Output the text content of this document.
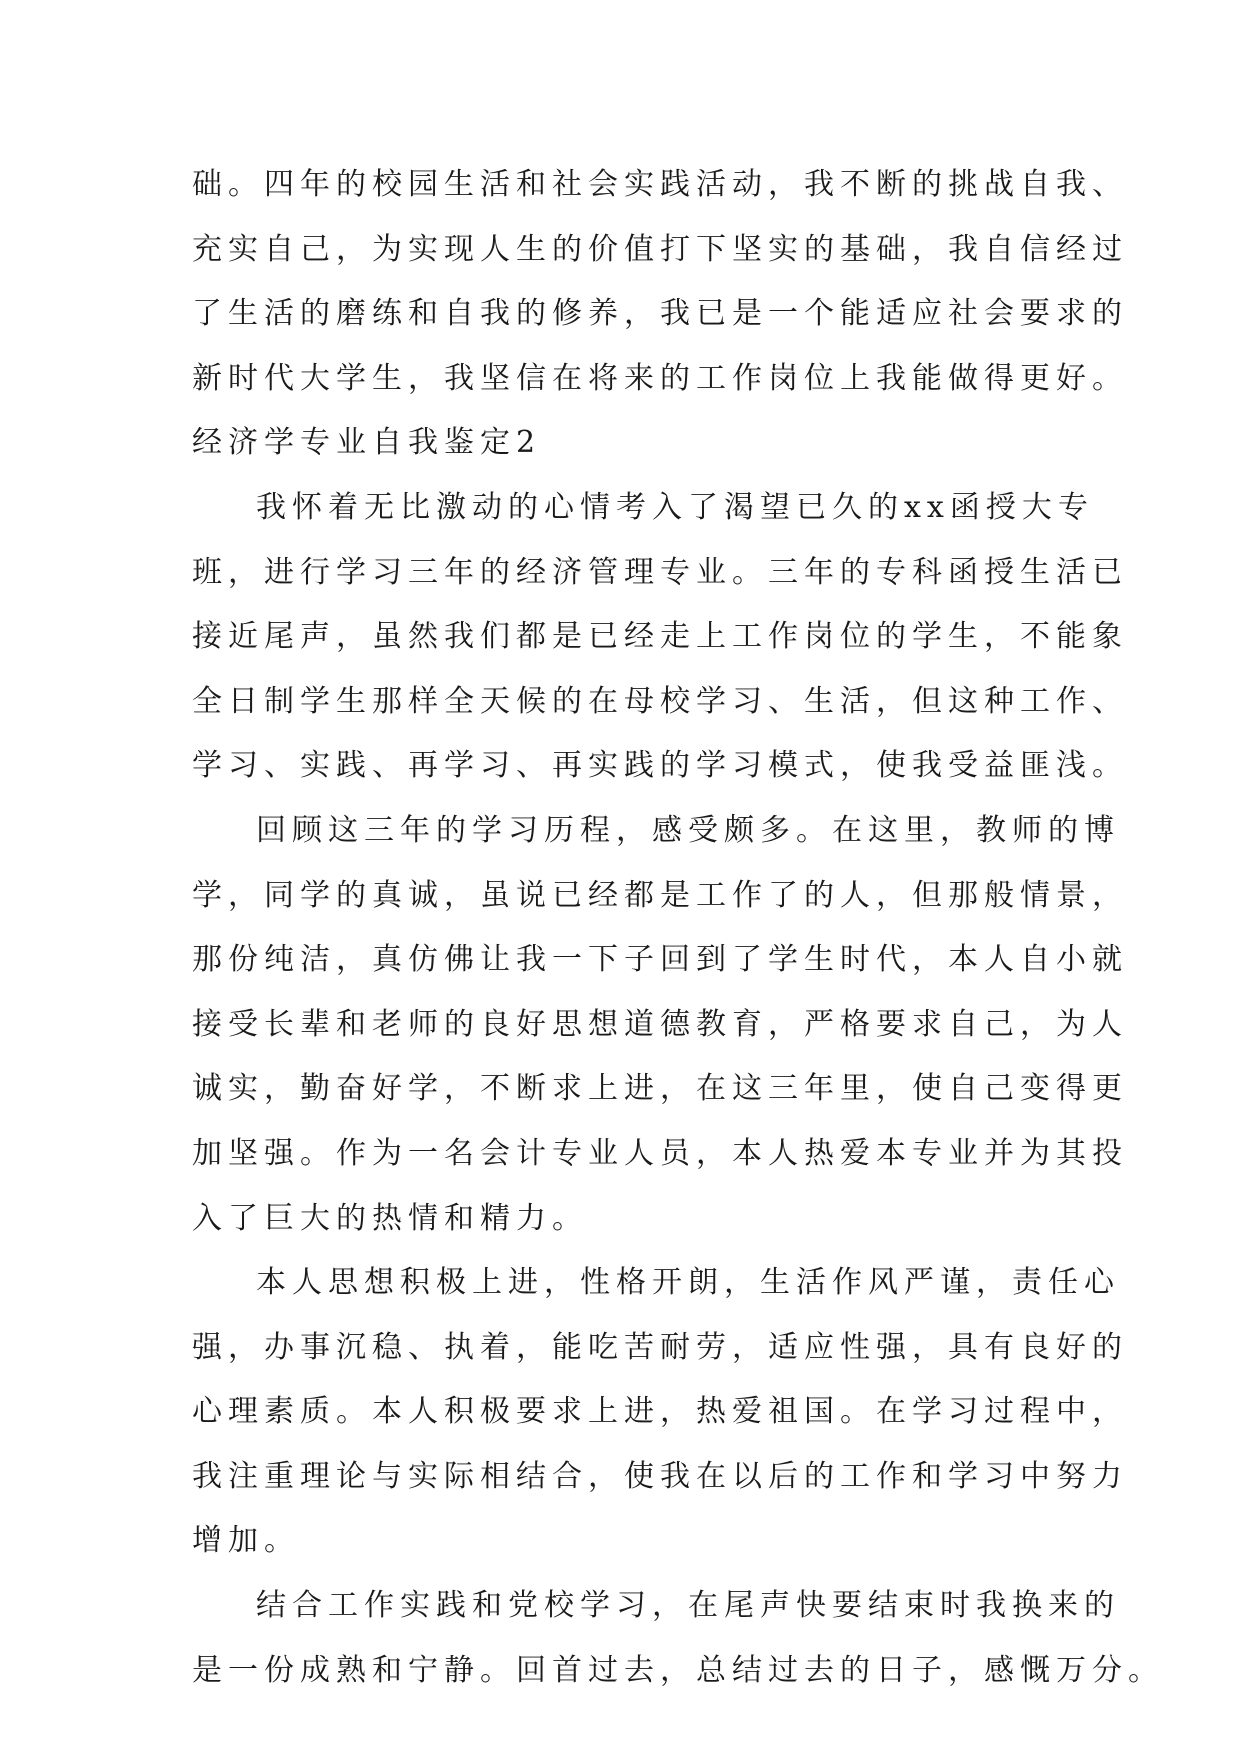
础。四年的校园生活和社会实践活动，我不断的挑战自我、
充实自己，为实现人生的价值打下坚实的基础，我自信经过
了生活的磨练和自我的修养，我已是一个能适应社会要求的
新时代大学生，我坚信在将来的工作岗位上我能做得更好。
经济学专业自我鉴定2
我怀着无比激动的心情考入了渴望已久的xx函授大专
班，进行学习三年的经济管理专业。三年的专科函授生活已
接近尾声，虽然我们都是已经走上工作岗位的学生，不能象
全日制学生那样全天候的在母校学习、生活，但这种工作、
学习、实践、再学习、再实践的学习模式，使我受益匪浅。
回顾这三年的学习历程，感受颇多。在这里，教师的博
学，同学的真诚，虽说已经都是工作了的人，但那般情景，
那份纯洁，真仿佛让我一下子回到了学生时代，本人自小就
接受长辈和老师的良好思想道德教育，严格要求自己，为人
诚实，勤奋好学，不断求上进，在这三年里，使自己变得更
加坚强。作为一名会计专业人员，本人热爱本专业并为其投
入了巨大的热情和精力。
本人思想积极上进，性格开朗，生活作风严谨，责任心
强，办事沉稳、执着，能吃苦耐劳，适应性强，具有良好的
心理素质。本人积极要求上进，热爱祖国。在学习过程中，
我注重理论与实际相结合，使我在以后的工作和学习中努力
增加。
结合工作实践和党校学习，在尾声快要结束时我换来的
是一份成熟和宁静。回首过去，总结过去的日子，感慨万分。
